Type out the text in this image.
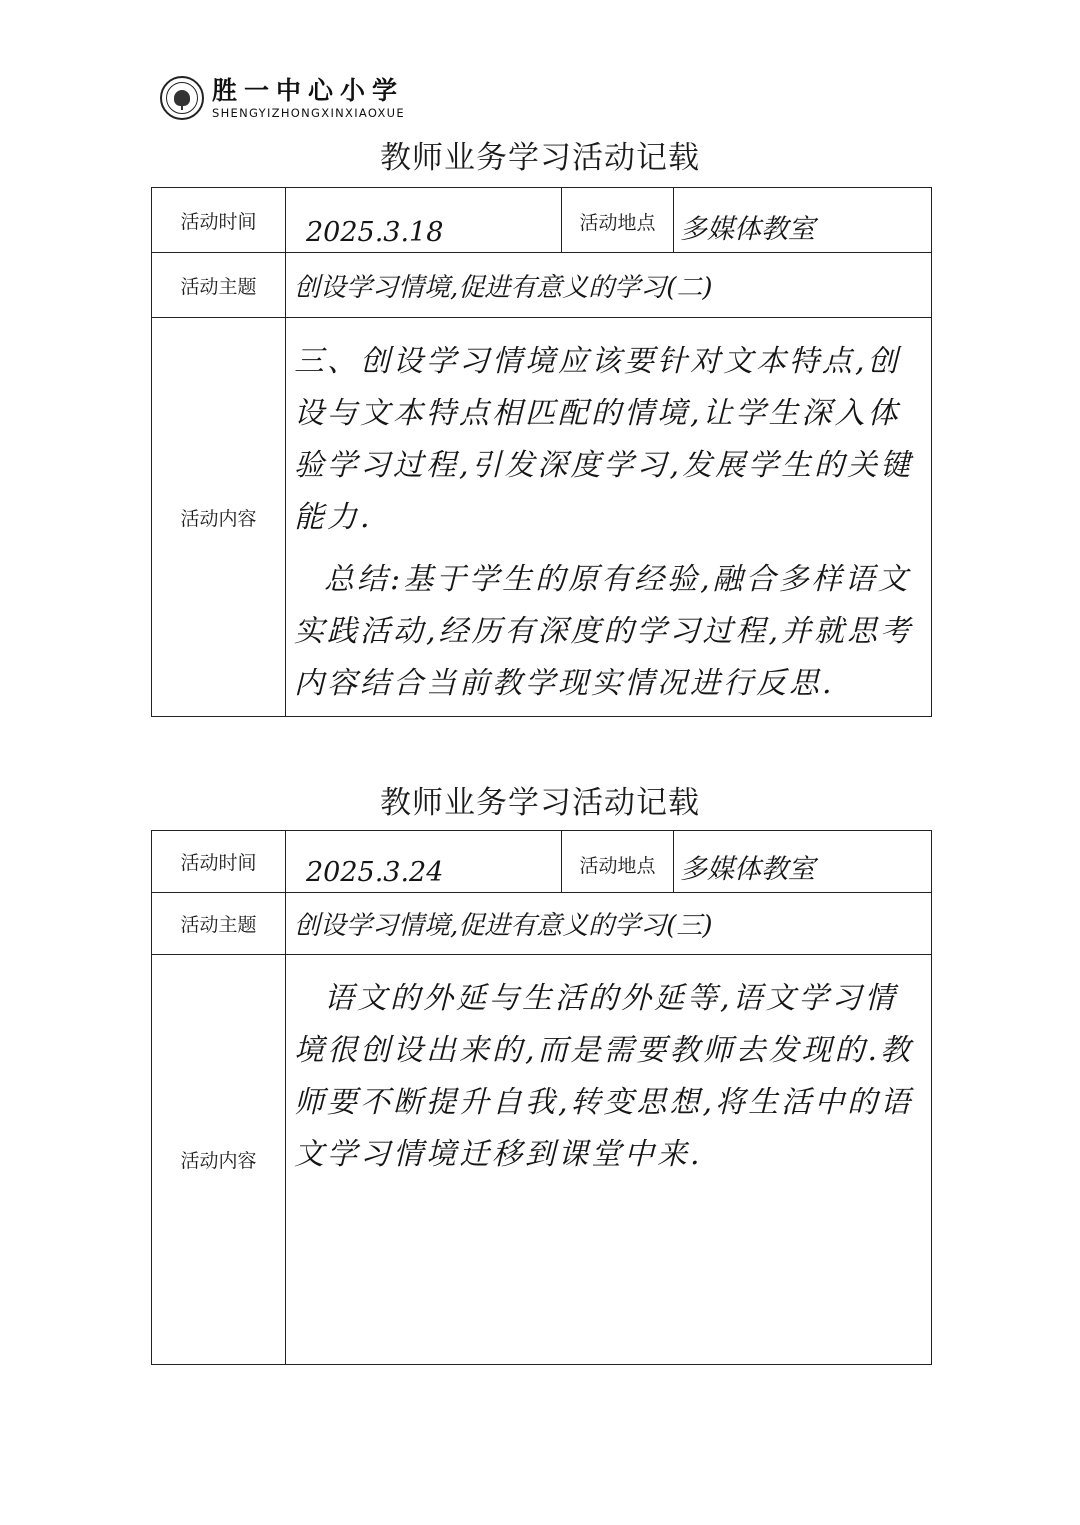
胜一中心小学
SHENGYIZHONGXINXIAOXUE
教师业务学习活动记载
活动时间	2025.3.18	活动地点	多媒体教室
活动主题	创设学习情境,促进有意义的学习(二)		
活动内容	三、创设学习情境应该要针对文本特点,创设与文本特点相匹配的情境,让学生深入体验学习过程,引发深度学习,发展学生的关键能力.

总结:基于学生的原有经验,融合多样语文实践活动,经历有深度的学习过程,并就思考内容结合当前教学现实情况进行反思.		

教师业务学习活动记载
活动时间	2025.3.24	活动地点	多媒体教室
活动主题	创设学习情境,促进有意义的学习(三)		
活动内容	语文的外延与生活的外延等,语文学习情境很创设出来的,而是需要教师去发现的.教师要不断提升自我,转变思想,将生活中的语文学习情境迁移到课堂中来.		
